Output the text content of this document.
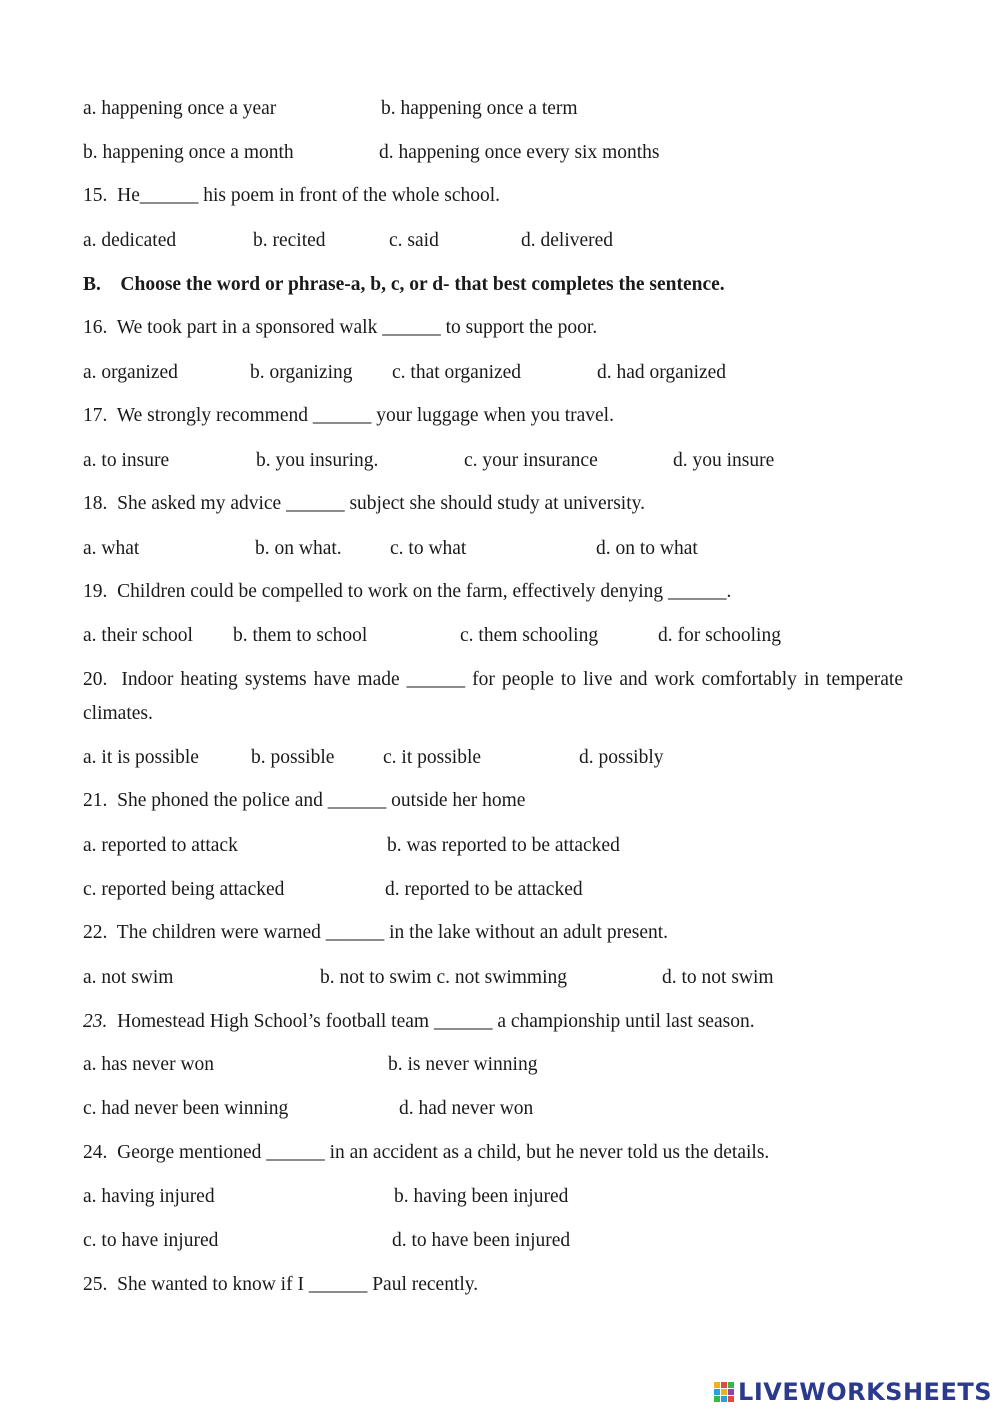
a. happening once a year	b. happening once a term
b. happening once a month	d. happening once every six months
15. He______ his poem in front of the whole school.
a. dedicated	b. recited	c. said	d. delivered
B. Choose the word or phrase-a, b, c, or d- that best completes the sentence.
16. We took part in a sponsored walk ______ to support the poor.
a. organized	b. organizing c. that organized	d. had organized
17. We strongly recommend ______ your luggage when you travel.
a. to insure	b. you insuring.	c. your insurance	d. you insure
18. She asked my advice ______ subject she should study at university.
a. what	b. on what. c. to what	d. on to what
19. Children could be compelled to work on the farm, effectively denying ______.
a. their school b. them to school	c. them schooling	d. for schooling
20. Indoor heating systems have made ______ for people to live and work comfortably in temperate climates.
a. it is possible	b. possible c. it possible	d. possibly
21. She phoned the police and ______ outside her home
a. reported to attack	b. was reported to be attacked
c. reported being attacked	d. reported to be attacked
22. The children were warned ______ in the lake without an adult present.
a. not swim	b. not to swim c. not swimming	d. to not swim
23. Homestead High School’s football team ______ a championship until last season.
a. has never won	b. is never winning
c. had never been winning	d. had never won
24. George mentioned ______ in an accident as a child, but he never told us the details.
a. having injured	b. having been injured
c. to have injured	d. to have been injured
25. She wanted to know if I ______ Paul recently.
LIVEWORKSHEETS
